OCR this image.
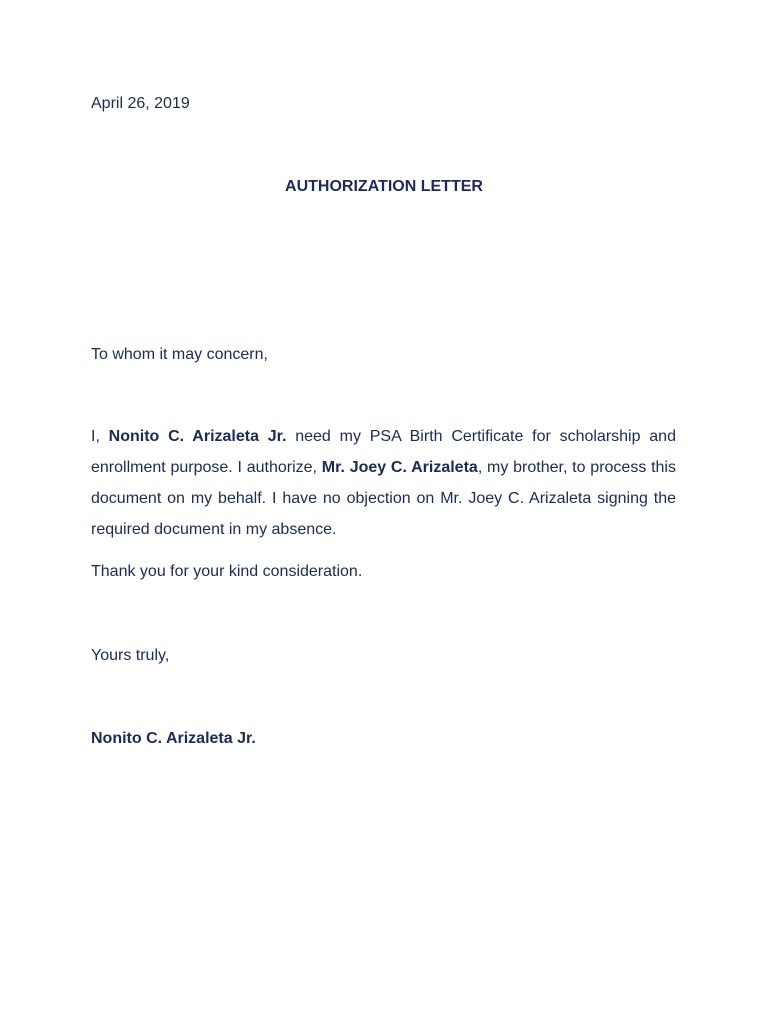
April 26, 2019
AUTHORIZATION LETTER
To whom it may concern,
I, Nonito C. Arizaleta Jr. need my PSA Birth Certificate for scholarship and enrollment purpose. I authorize, Mr. Joey C. Arizaleta, my brother, to process this document on my behalf. I have no objection on Mr. Joey C. Arizaleta signing the required document in my absence.
Thank you for your kind consideration.
Yours truly,
Nonito C. Arizaleta Jr.
